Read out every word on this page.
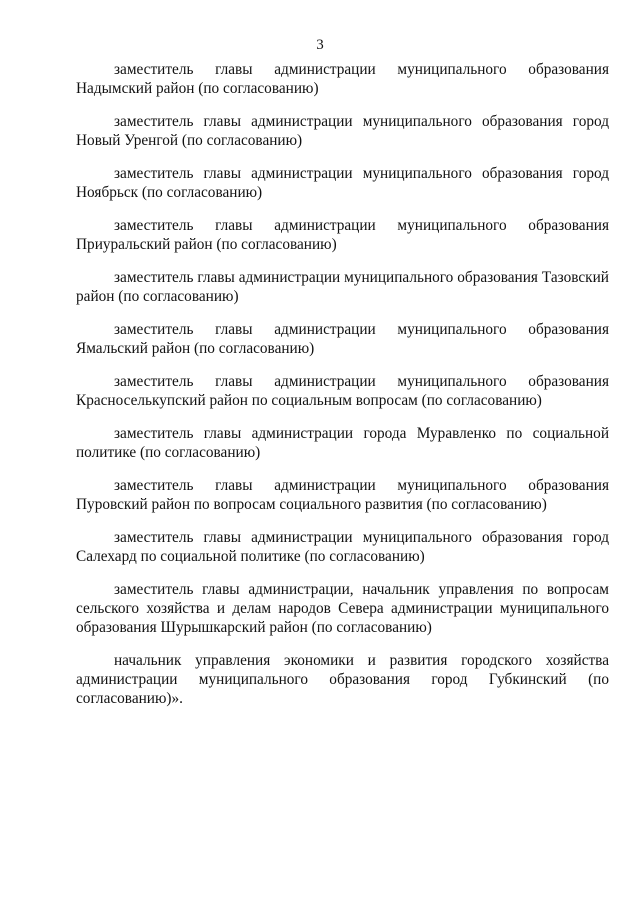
3

заместитель главы администрации муниципального образования Надымский район (по согласованию)

заместитель главы администрации муниципального образования город Новый Уренгой (по согласованию)

заместитель главы администрации муниципального образования город Ноябрьск (по согласованию)

заместитель главы администрации муниципального образования Приуральский район (по согласованию)

заместитель главы администрации муниципального образования Тазовский район (по согласованию)

заместитель главы администрации муниципального образования Ямальский район (по согласованию)

заместитель главы администрации муниципального образования Красноселькупский район по социальным вопросам (по согласованию)

заместитель главы администрации города Муравленко по социальной политике (по согласованию)

заместитель главы администрации муниципального образования Пуровский район по вопросам социального развития (по согласованию)

заместитель главы администрации муниципального образования город Салехард по социальной политике (по согласованию)

заместитель главы администрации, начальник управления по вопросам сельского хозяйства и делам народов Севера администрации муниципального образования Шурышкарский район (по согласованию)

начальник управления экономики и развития городского хозяйства администрации муниципального образования город Губкинский (по согласованию)».
